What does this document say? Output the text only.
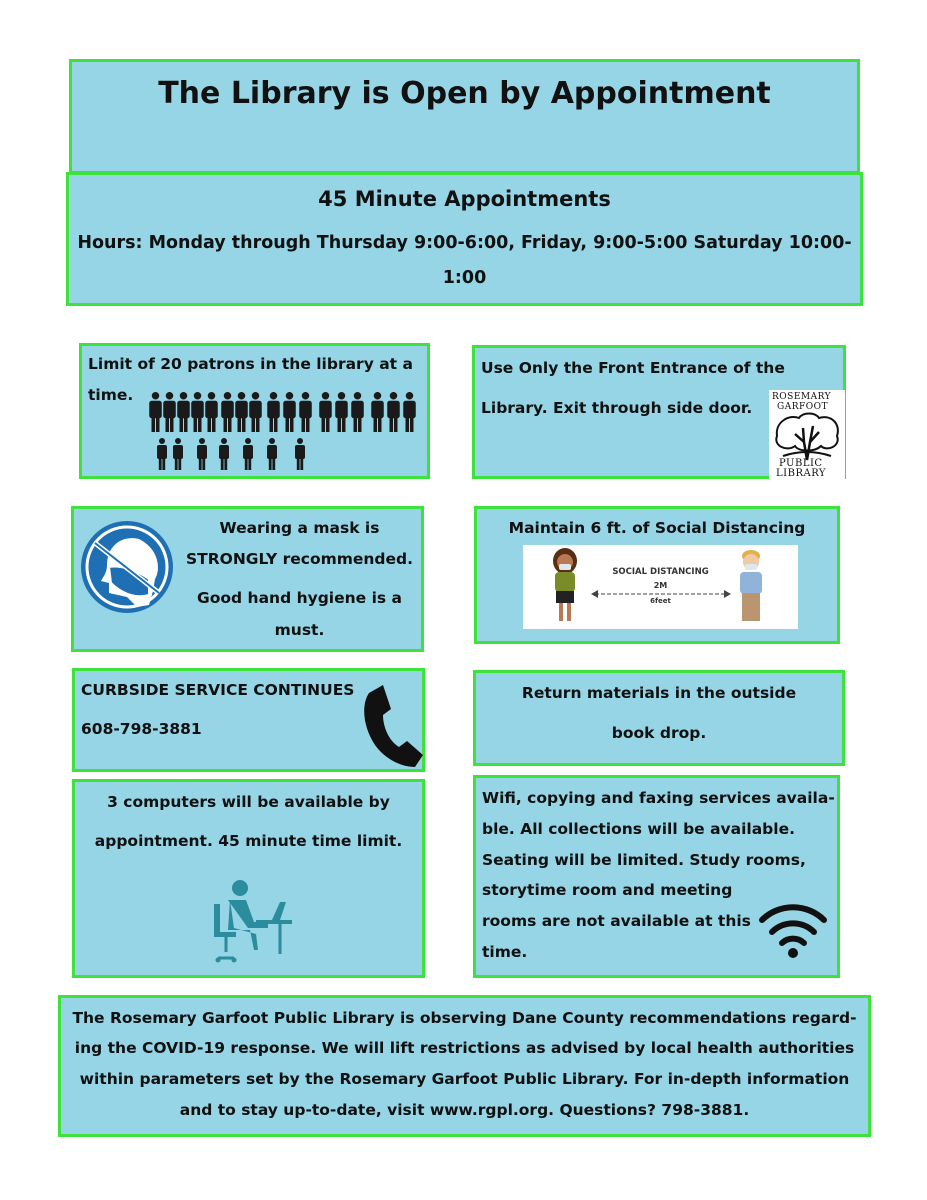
The Library is Open by Appointment
45 Minute Appointments
Hours: Monday through Thursday 9:00-6:00, Friday, 9:00-5:00 Saturday 10:00-
1:00
Limit of 20 patrons in the library at a
time.
Use Only the Front Entrance of the
Library. Exit through side door.
ROSEMARY
GARFOOT
PUBLIC
LIBRARY
Wearing a mask is
STRONGLY recommended.
Good hand hygiene is a
must.
Maintain 6 ft. of Social Distancing
SOCIAL DISTANCING
2M
6feet
CURBSIDE SERVICE CONTINUES
608-798-3881
Return materials in the outside
book drop.
3 computers will be available by
appointment. 45 minute time limit.
Wifi, copying and faxing services availa-
ble. All collections will be available.
Seating will be limited. Study rooms,
storytime room and meeting
rooms are not available at this
time.
The Rosemary Garfoot Public Library is observing Dane County recommendations regard-
ing the COVID-19 response. We will lift restrictions as advised by local health authorities
within parameters set by the Rosemary Garfoot Public Library. For in-depth information
and to stay up-to-date, visit www.rgpl.org. Questions? 798-3881.
